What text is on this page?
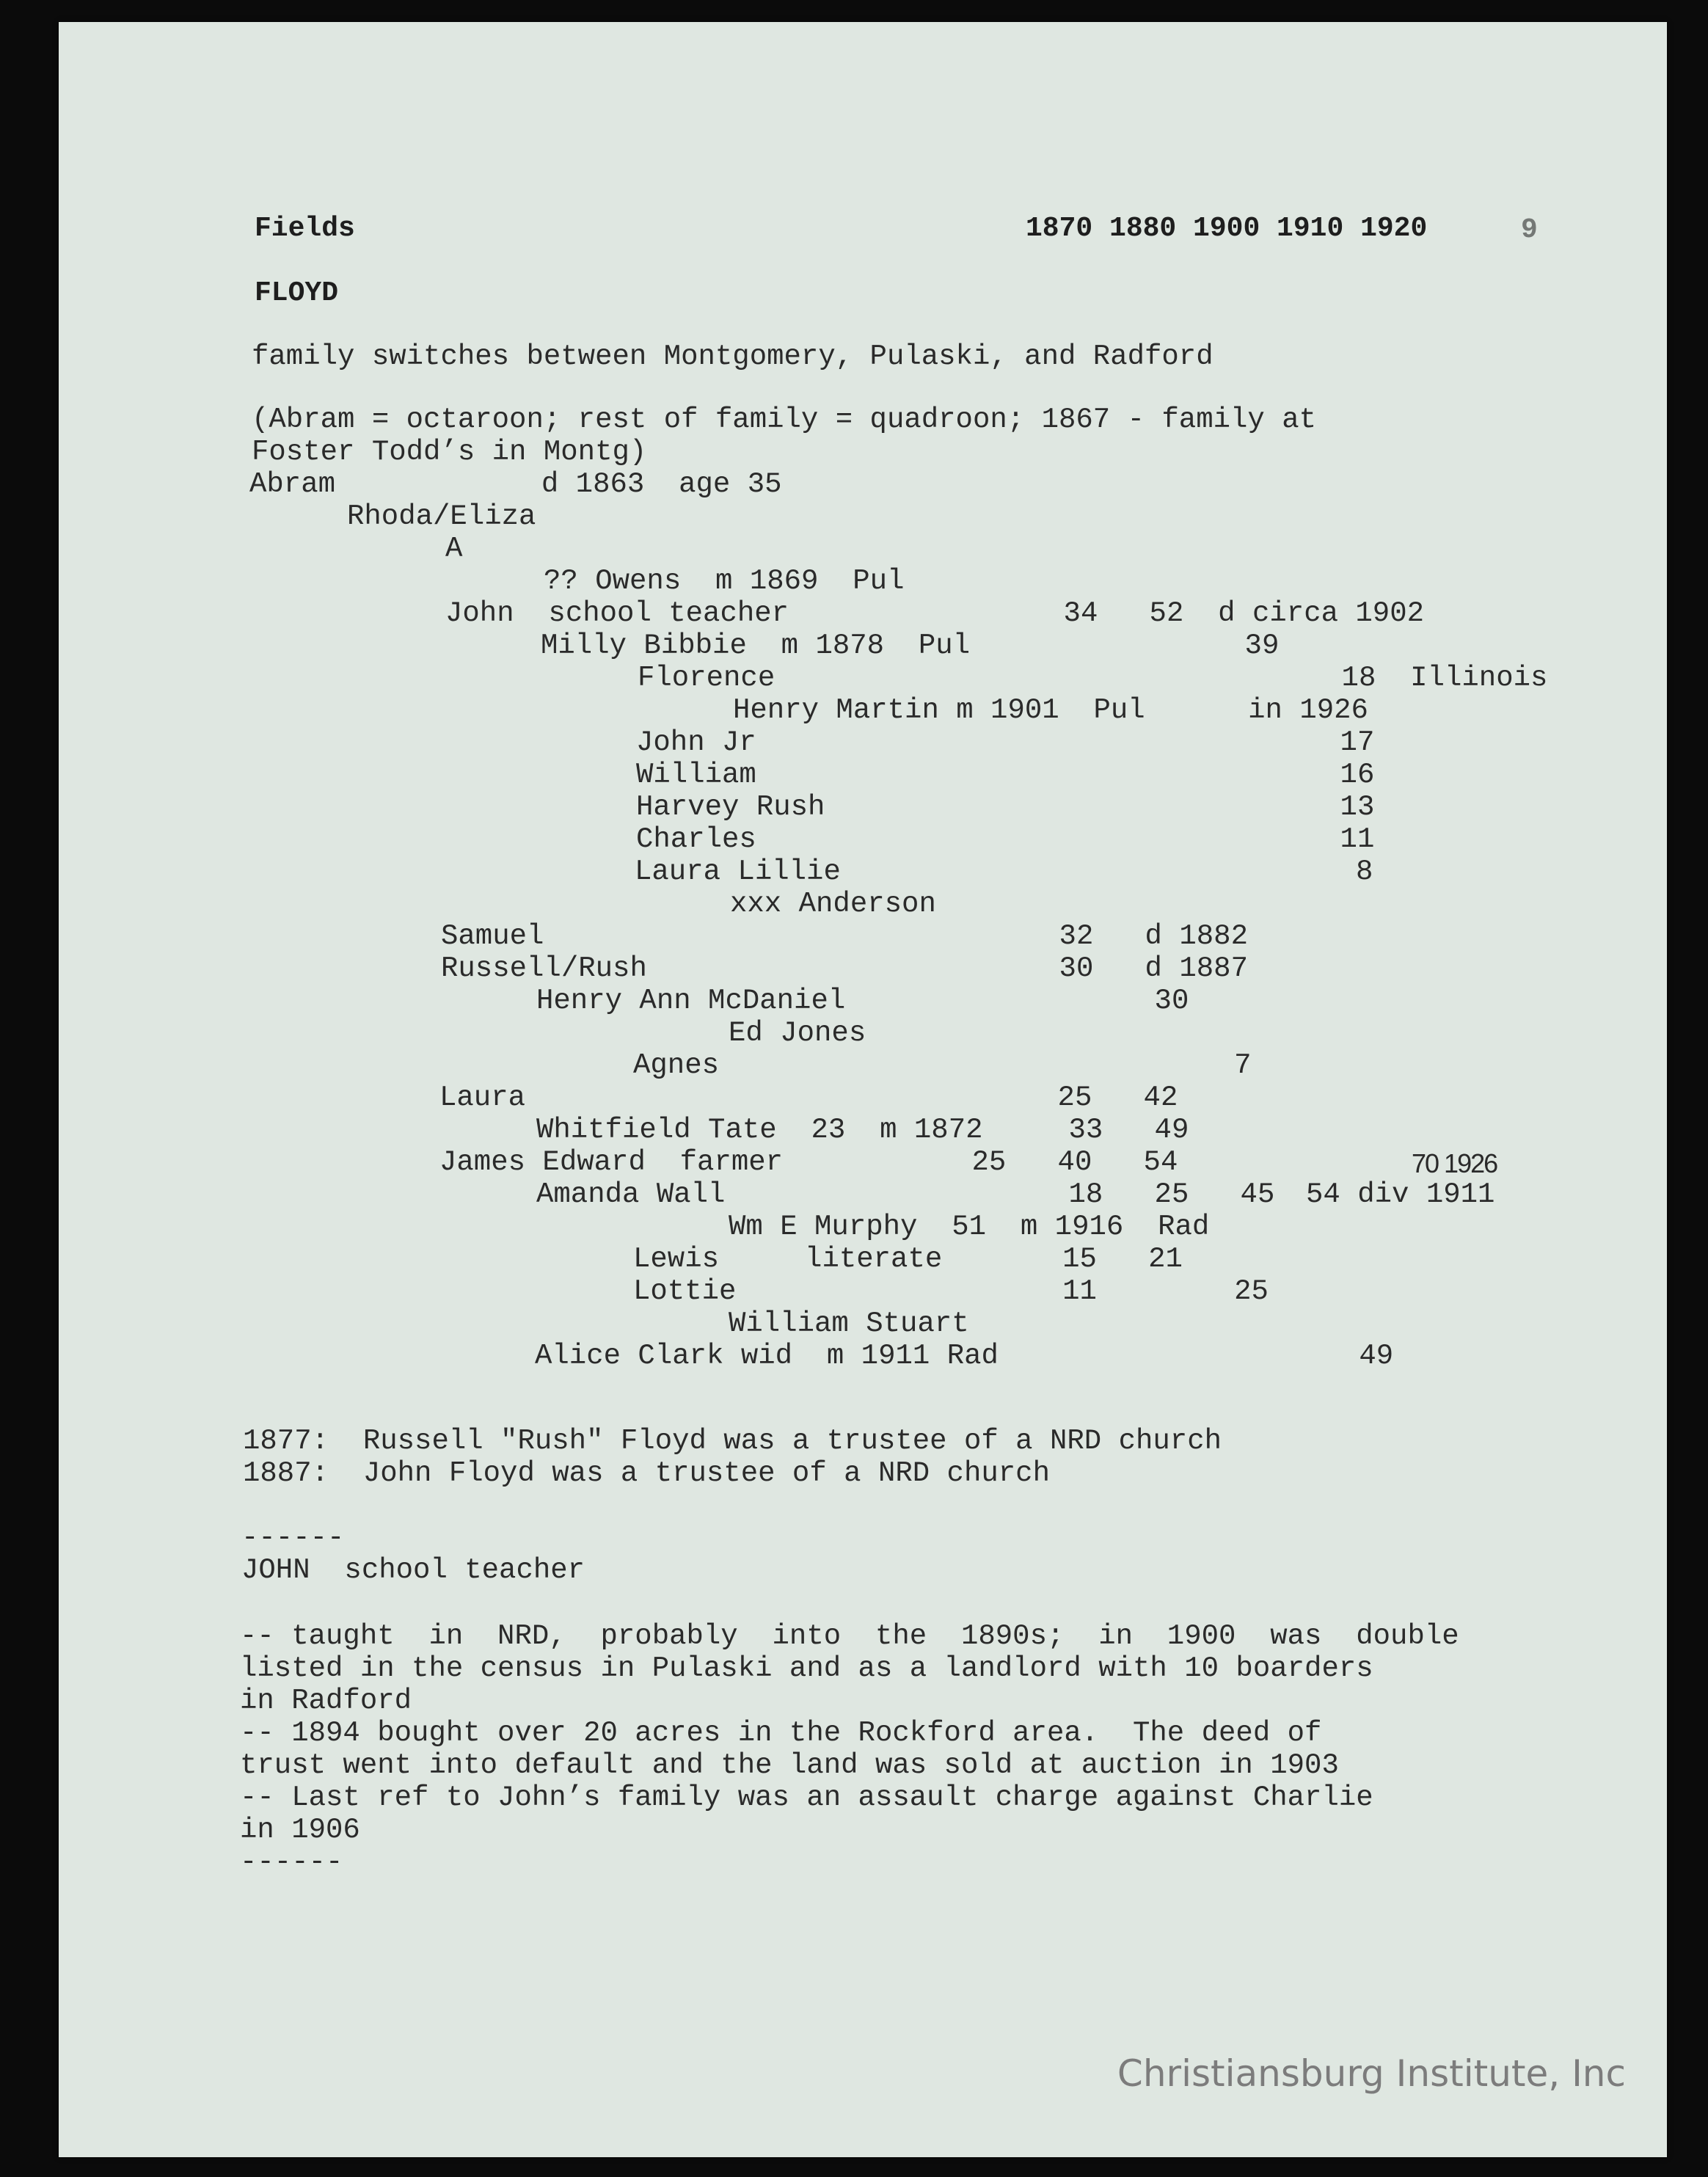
Fields	1870 1880 1900 1910 1920	9
FLOYD
family switches between Montgomery, Pulaski, and Radford
(Abram = octaroon; rest of family = quadroon; 1867 - family at
Foster Todd’s in Montg)
Abram            d 1863  age 35
Rhoda/Eliza
A
?? Owens  m 1869  Pul
John  school teacher                34   52  d circa 1902
Milly Bibbie  m 1878  Pul                39
Florence                                 18  Illinois
Henry Martin m 1901  Pul      in 1926
John Jr                                  17
William                                  16
Harvey Rush                              13
Charles                                  11
Laura Lillie                              8
xxx Anderson
Samuel                              32   d 1882
Russell/Rush                        30   d 1887
Henry Ann McDaniel                  30
Ed Jones
Agnes                              7
Laura                               25   42
Whitfield Tate  23  m 1872     33   49
James Edward  farmer           25   40   54	70 1926
Amanda Wall                    18   25   45 54 div 1911
Wm E Murphy  51  m 1916  Rad
Lewis     literate       15   21
Lottie                   11        25
William Stuart
Alice Clark wid  m 1911 Rad                     49
1877:  Russell "Rush" Floyd was a trustee of a NRD church
1887:  John Floyd was a trustee of a NRD church
------
JOHN  school teacher
-- taught  in  NRD,  probably  into  the  1890s;  in  1900  was  double
listed in the census in Pulaski and as a landlord with 10 boarders
in Radford
-- 1894 bought over 20 acres in the Rockford area.  The deed of
trust went into default and the land was sold at auction in 1903
-- Last ref to John’s family was an assault charge against Charlie
in 1906
------
Christiansburg Institute, Inc
